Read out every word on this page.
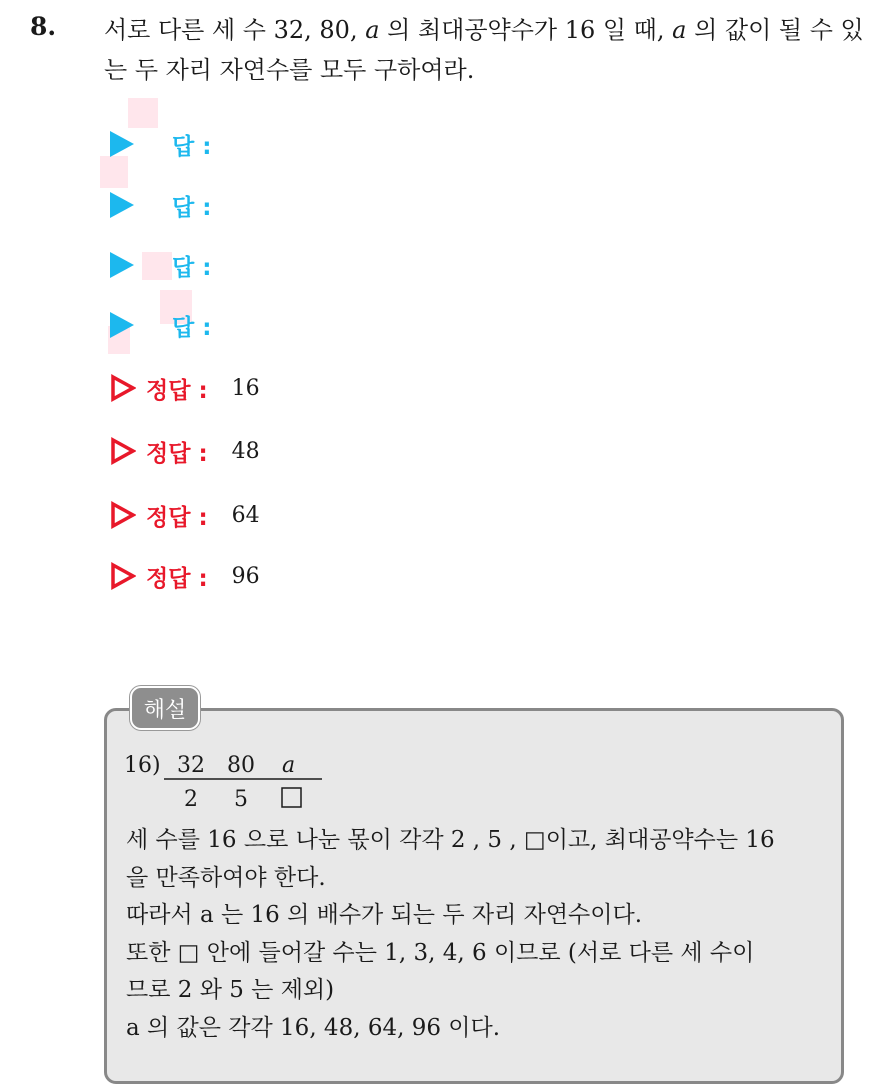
8. 서로 다른 세 수 32, 80, a 의 최대공약수가 16 일 때, a 의 값이 될 수 있는 두 자리 자연수를 모두 구하여라.

답 :
답 :
답 :
답 :
정답 : 16
정답 : 48
정답 : 64
정답 : 96
해설
16) 32 80 a
2 5

세 수를 16 으로 나눈 몫이 각각 2 , 5 , □이고, 최대공약수는 16
을 만족하여야 한다.
따라서 a 는 16 의 배수가 되는 두 자리 자연수이다.
또한 □ 안에 들어갈 수는 1, 3, 4, 6 이므로 (서로 다른 세 수이
므로 2 와 5 는 제외)
a 의 값은 각각 16, 48, 64, 96 이다.
